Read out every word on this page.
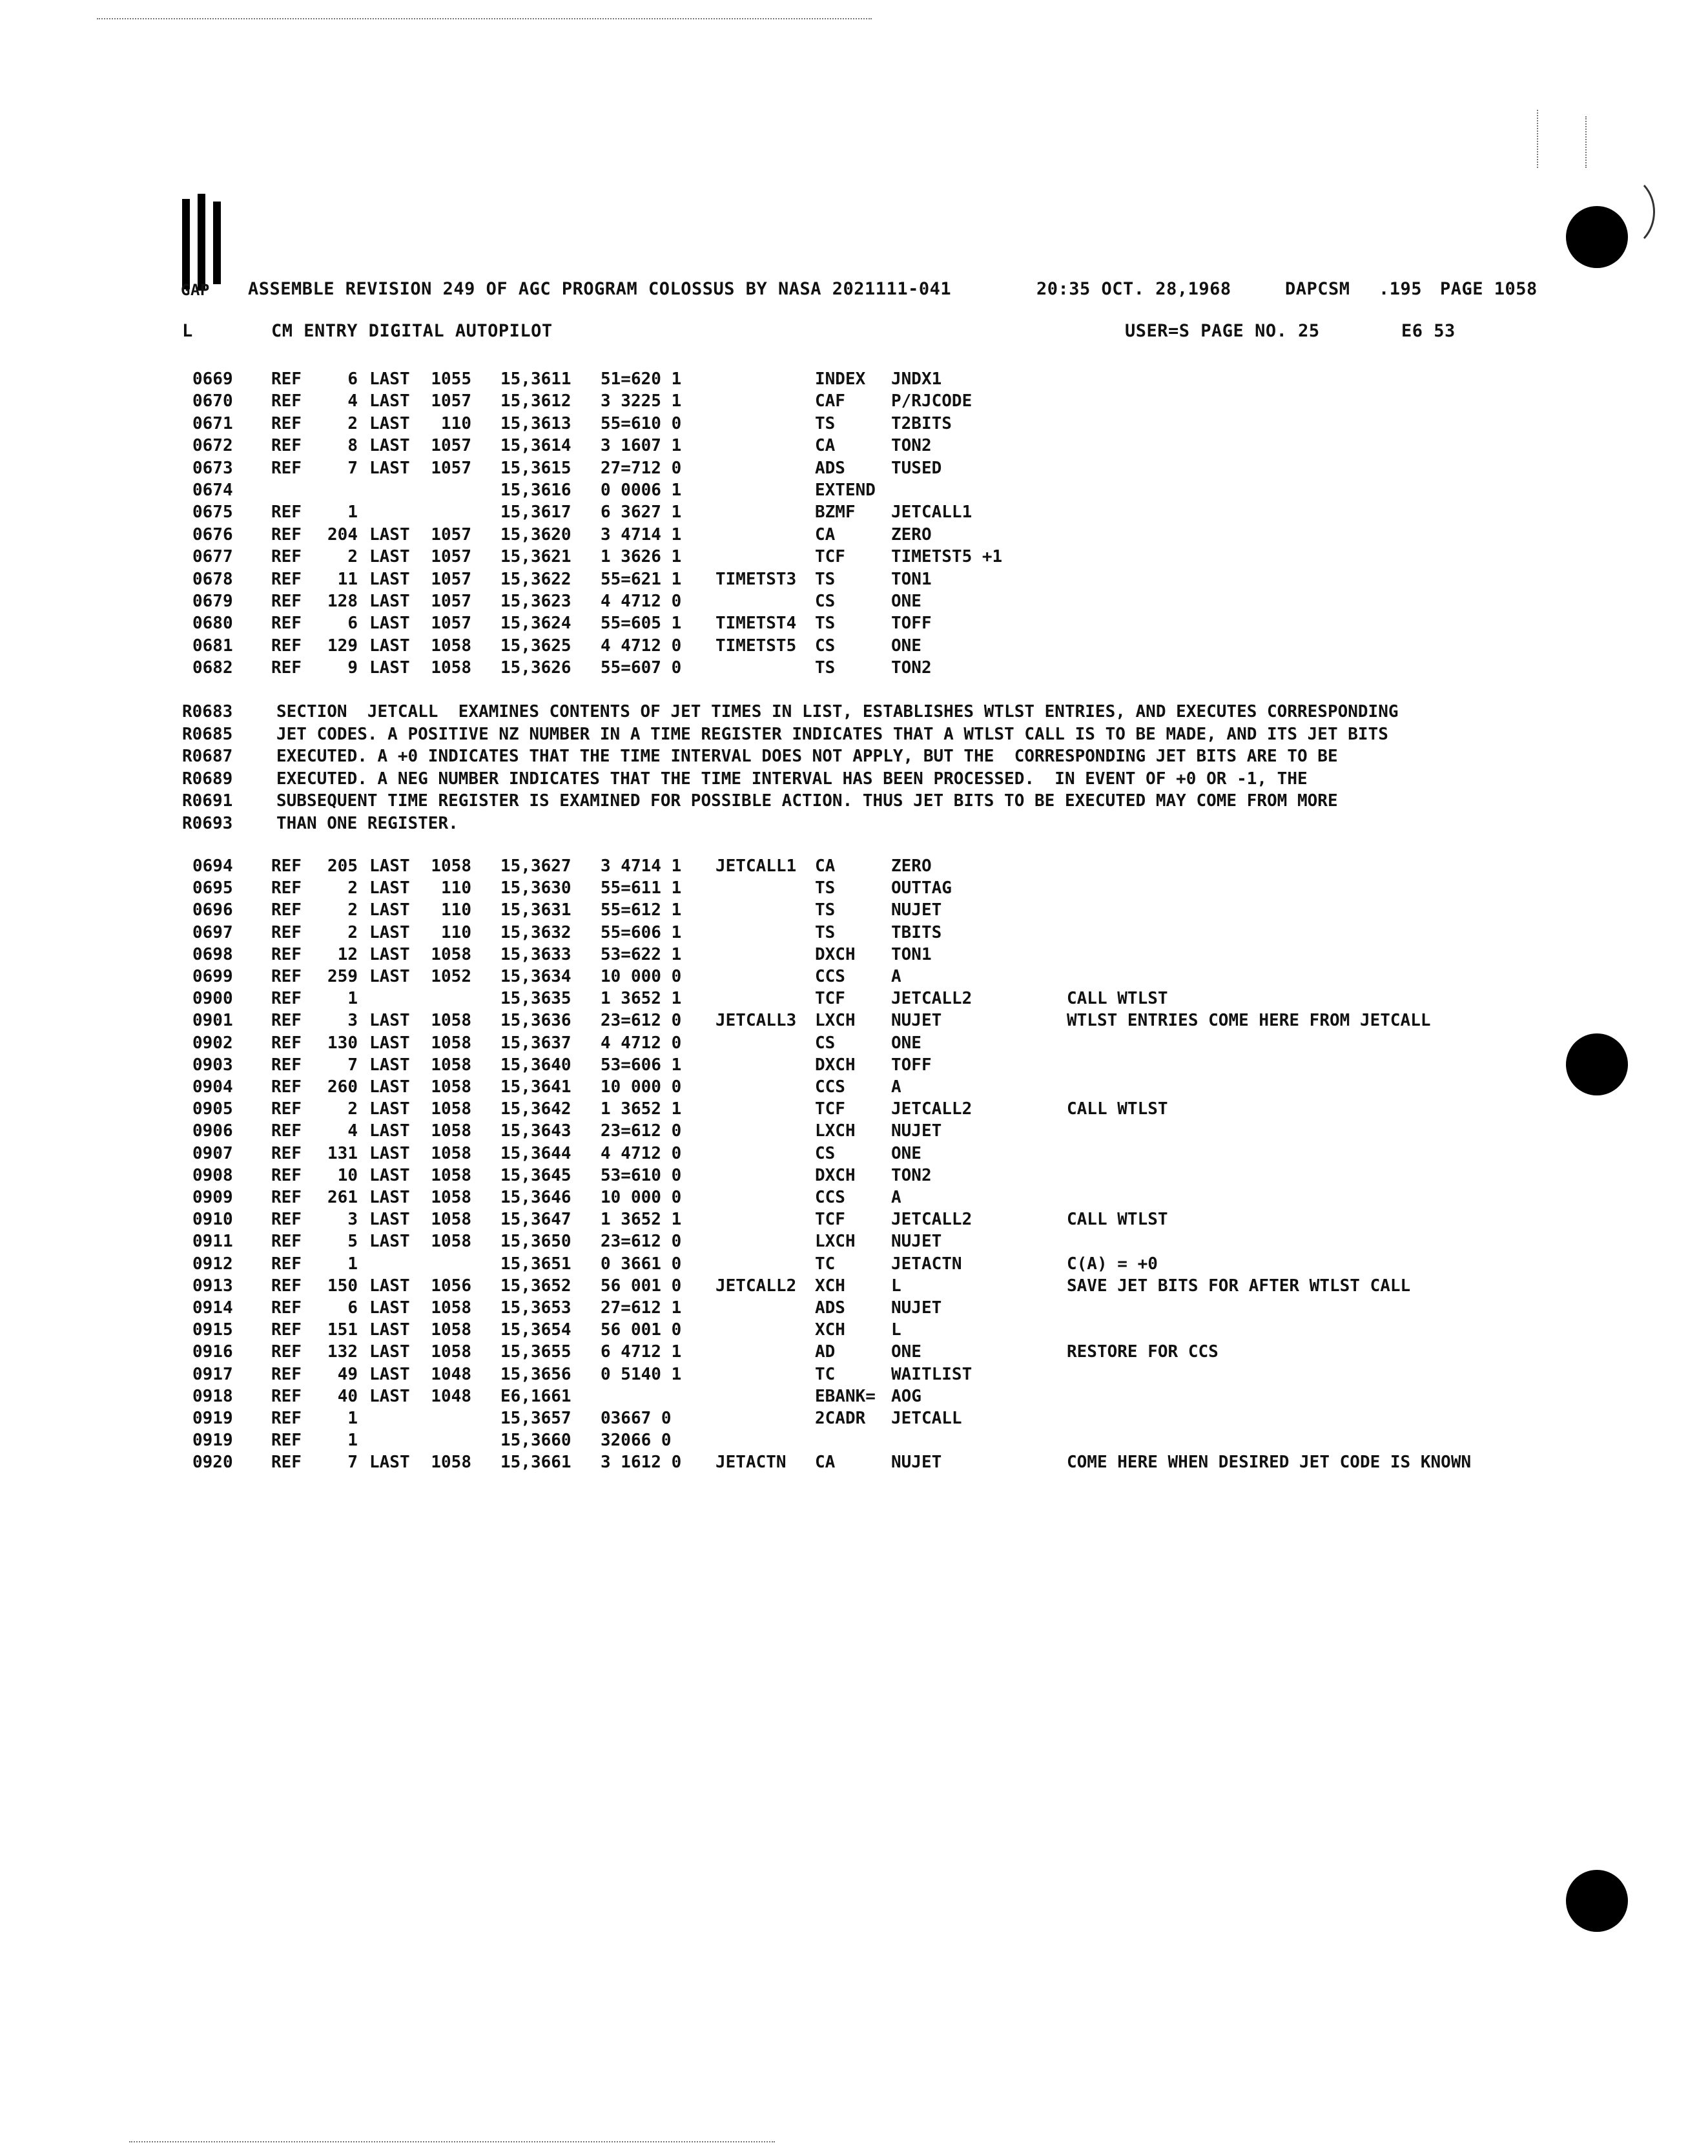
GAP ASSEMBLE REVISION 249 OF AGC PROGRAM COLOSSUS BY NASA 2021111-041	20:35 OCT. 28,1968	DAPCSM .195 PAGE 1058
L	CM ENTRY DIGITAL AUTOPILOT	USER=S PAGE NO. 25	E6 53
0669 REF	6 LAST	1055 15,3611 51=620 1	INDEX JNDX1
0670 REF	4 LAST	1057 15,3612 3 3225 1	CAF	P/RJCODE
0671 REF	2 LAST	110 15,3613 55=610 0	TS	T2BITS
0672 REF	8 LAST	1057 15,3614 3 1607 1	CA	TON2
0673 REF	7 LAST	1057 15,3615 27=712 0	ADS	TUSED
0674	15,3616 0 0006 1	EXTEND
0675 REF	1	15,3617 6 3627 1	BZMF JETCALL1
0676 REF 204 LAST	1057 15,3620 3 4714 1	CA	ZERO
0677 REF	2 LAST	1057 15,3621 1 3626 1	TCF	TIMETST5 +1
0678 REF	11 LAST	1057 15,3622 55=621 1 TIMETST3 TS	TON1
0679 REF 128 LAST	1057 15,3623 4 4712 0	CS	ONE
0680 REF	6 LAST	1057 15,3624 55=605 1 TIMETST4 TS	TOFF
0681 REF 129 LAST	1058 15,3625 4 4712 0 TIMETST5 CS	ONE
0682 REF	9 LAST	1058 15,3626 55=607 0	TS	TON2
R0683	SECTION  JETCALL  EXAMINES CONTENTS OF JET TIMES IN LIST, ESTABLISHES WTLST ENTRIES, AND EXECUTES CORRESPONDING
R0685	JET CODES. A POSITIVE NZ NUMBER IN A TIME REGISTER INDICATES THAT A WTLST CALL IS TO BE MADE, AND ITS JET BITS
R0687	EXECUTED. A +0 INDICATES THAT THE TIME INTERVAL DOES NOT APPLY, BUT THE  CORRESPONDING JET BITS ARE TO BE
R0689	EXECUTED. A NEG NUMBER INDICATES THAT THE TIME INTERVAL HAS BEEN PROCESSED.  IN EVENT OF +0 OR -1, THE
R0691	SUBSEQUENT TIME REGISTER IS EXAMINED FOR POSSIBLE ACTION. THUS JET BITS TO BE EXECUTED MAY COME FROM MORE
R0693	THAN ONE REGISTER.
0694 REF 205 LAST	1058 15,3627 3 4714 1 JETCALL1 CA	ZERO
0695 REF	2 LAST	110 15,3630 55=611 1	TS	OUTTAG
0696 REF	2 LAST	110 15,3631 55=612 1	TS	NUJET
0697 REF	2 LAST	110 15,3632 55=606 1	TS	TBITS
0698 REF	12 LAST	1058 15,3633 53=622 1	DXCH TON1
0699 REF 259 LAST	1052 15,3634 10 000 0	CCS	A
0900 REF	1	15,3635 1 3652 1	TCF	JETCALL2	CALL WTLST
0901 REF	3 LAST	1058 15,3636 23=612 0 JETCALL3 LXCH NUJET	WTLST ENTRIES COME HERE FROM JETCALL
0902 REF 130 LAST	1058 15,3637 4 4712 0	CS	ONE
0903 REF	7 LAST	1058 15,3640 53=606 1	DXCH TOFF
0904 REF 260 LAST	1058 15,3641 10 000 0	CCS	A
0905 REF	2 LAST	1058 15,3642 1 3652 1	TCF	JETCALL2	CALL WTLST
0906 REF	4 LAST	1058 15,3643 23=612 0	LXCH NUJET
0907 REF 131 LAST	1058 15,3644 4 4712 0	CS	ONE
0908 REF	10 LAST	1058 15,3645 53=610 0	DXCH TON2
0909 REF 261 LAST	1058 15,3646 10 000 0	CCS	A
0910 REF	3 LAST	1058 15,3647 1 3652 1	TCF	JETCALL2	CALL WTLST
0911 REF	5 LAST	1058 15,3650 23=612 0	LXCH NUJET
0912 REF	1	15,3651 0 3661 0	TC	JETACTN	C(A) = +0
0913 REF 150 LAST	1056 15,3652 56 001 0 JETCALL2 XCH	L	SAVE JET BITS FOR AFTER WTLST CALL
0914 REF	6 LAST	1058 15,3653 27=612 1	ADS	NUJET
0915 REF 151 LAST	1058 15,3654 56 001 0	XCH	L
0916 REF 132 LAST	1058 15,3655 6 4712 1	AD	ONE	RESTORE FOR CCS
0917 REF	49 LAST	1048 15,3656 0 5140 1	TC	WAITLIST
0918 REF	40 LAST	1048 E6,1661	EBANK= AOG
0919 REF	1	15,3657 03667 0	2CADR JETCALL
0919 REF	1	15,3660 32066 0
0920 REF	7 LAST	1058 15,3661 3 1612 0 JETACTN CA	NUJET	COME HERE WHEN DESIRED JET CODE IS KNOWN
